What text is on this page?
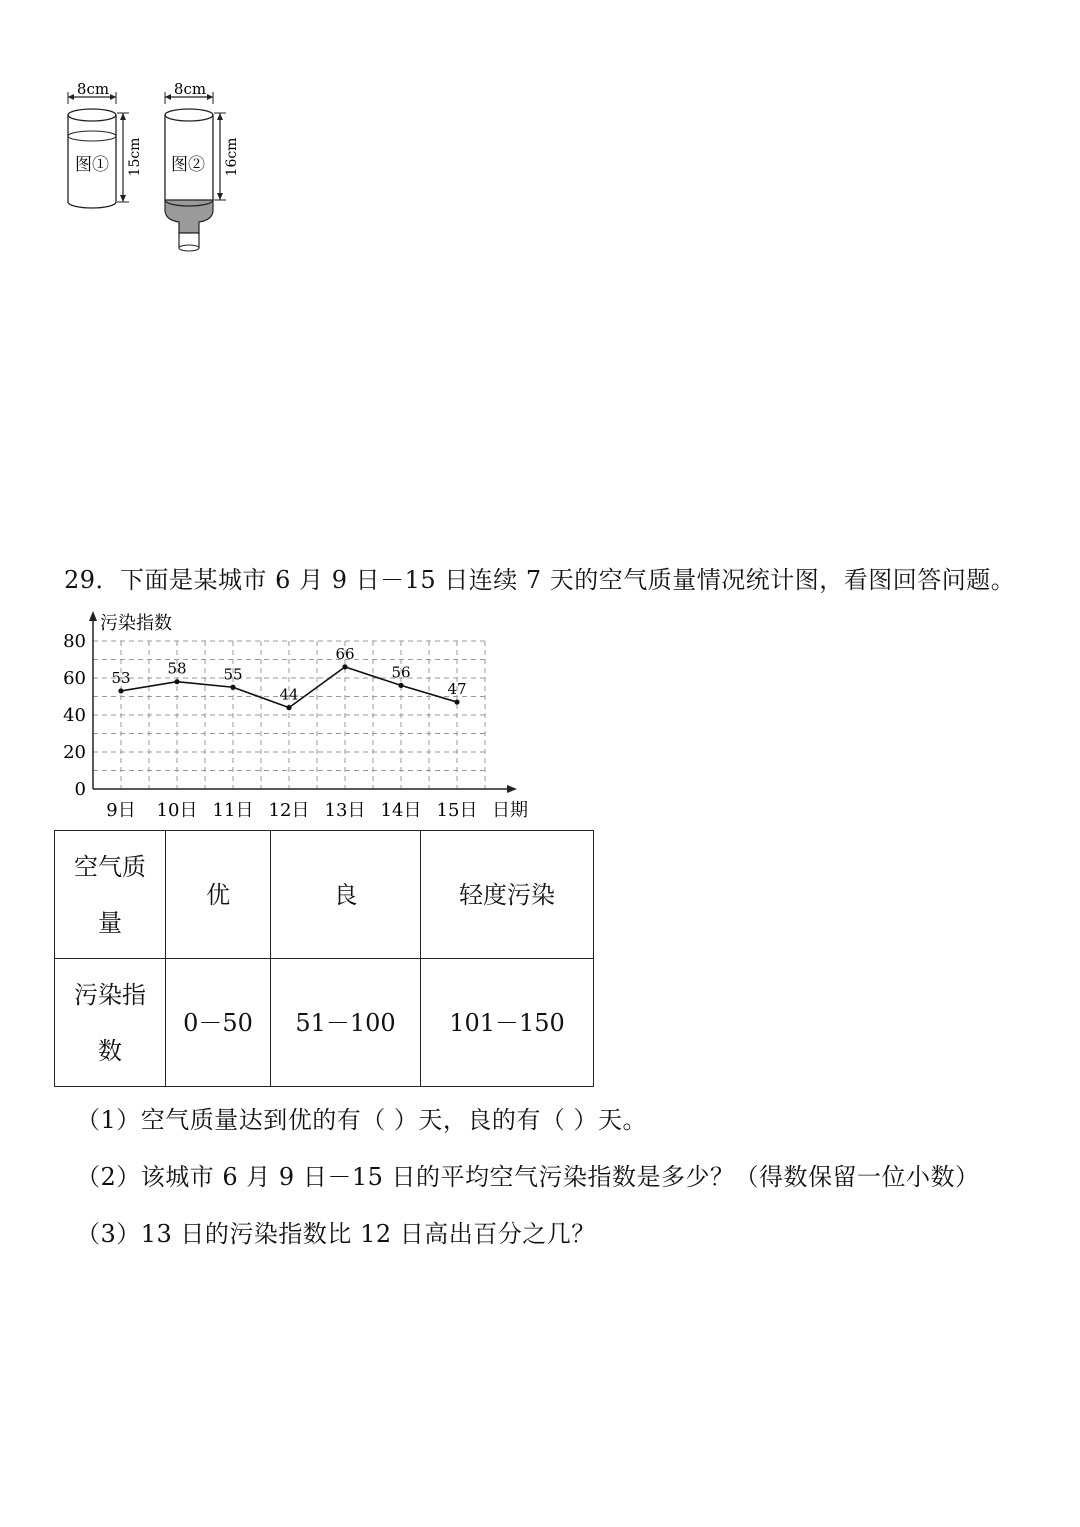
8cm
图① 15cm
8cm
图② 16cm
29．下面是某城市 6 月 9 日－15 日连续 7 天的空气质量情况统计图，看图回答问题。
污染指数
日期
0
20
40
60
80
9日 10日 11日 12日 13日 14日 15日
53
58 55
44
66
56
47
空气质量	优	良	轻度污染

污染指数	0－50	51－100	101－150
（1）空气质量达到优的有（ ）天，良的有（ ）天。
（2）该城市 6 月 9 日－15 日的平均空气污染指数是多少？（得数保留一位小数）
（3）13 日的污染指数比 12 日高出百分之几？
